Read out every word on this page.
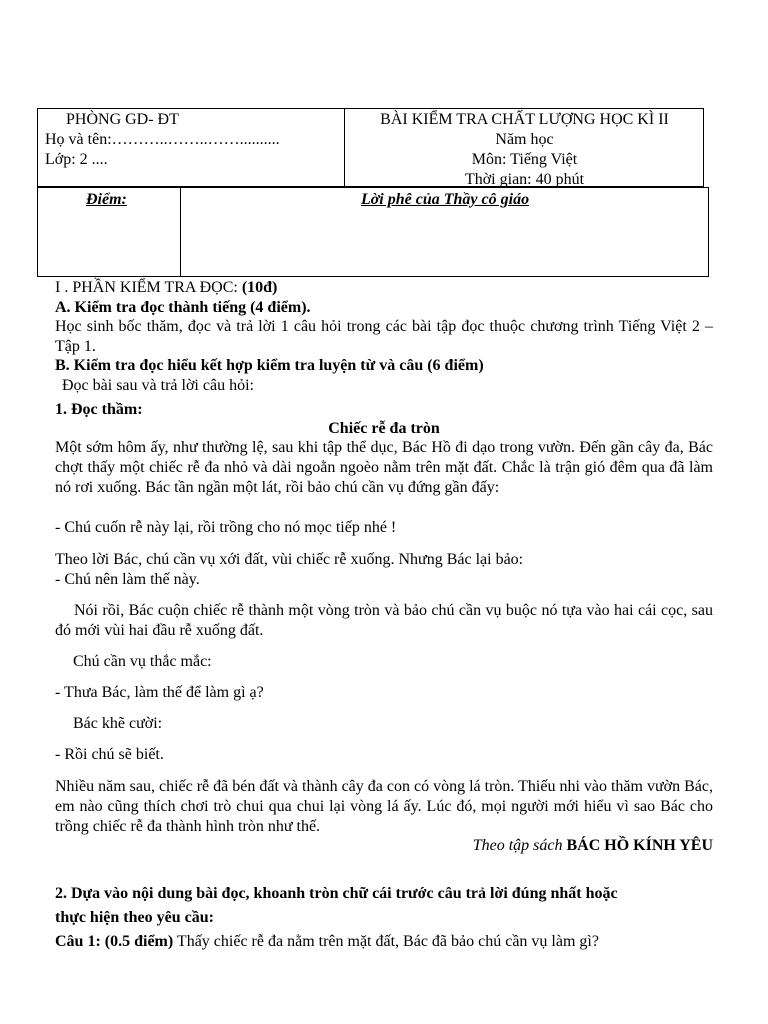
PHÒNG GD- ĐT
Họ và tên:………..……..……..........
Lớp: 2 ....
BÀI KIỂM TRA CHẤT LƯỢNG HỌC KÌ II
Năm học
Môn: Tiếng Việt
Thời gian: 40 phút
Điểm:	Lời phê của Thầy cô giáo
I . PHẦN KIỂM TRA ĐỌC: (10đ)
A. Kiểm tra đọc thành tiếng (4 điểm).
Học sinh bốc thăm, đọc và trả lời 1 câu hỏi trong các bài tập đọc thuộc chương trình Tiếng Việt 2 – Tập 1.
B. Kiểm tra đọc hiểu kết hợp kiểm tra luyện từ và câu (6 điểm)
Đọc bài sau và trả lời câu hỏi:
1. Đọc thầm:
Chiếc rễ đa tròn
Một sớm hôm ấy, như thường lệ, sau khi tập thể dục, Bác Hồ đi dạo trong vườn. Đến gần cây đa, Bác chợt thấy một chiếc rễ đa nhỏ và dài ngoằn ngoèo nằm trên mặt đất. Chắc là trận gió đêm qua đã làm nó rơi xuống. Bác tần ngần một lát, rồi bảo chú cần vụ đứng gần đấy:
- Chú cuốn rễ này lại, rồi trồng cho nó mọc tiếp nhé !
Theo lời Bác, chú cần vụ xới đất, vùi chiếc rễ xuống. Nhưng Bác lại bảo:
- Chú nên làm thế này.
Nói rồi, Bác cuộn chiếc rễ thành một vòng tròn và bảo chú cần vụ buộc nó tựa vào hai cái cọc, sau đó mới vùi hai đầu rễ xuống đất.
Chú cần vụ thắc mắc:
- Thưa Bác, làm thế để làm gì ạ?
Bác khẽ cười:
- Rồi chú sẽ biết.
Nhiều năm sau, chiếc rễ đã bén đất và thành cây đa con có vòng lá tròn. Thiếu nhi vào thăm vườn Bác, em nào cũng thích chơi trò chui qua chui lại vòng lá ấy. Lúc đó, mọi người mới hiểu vì sao Bác cho trồng chiếc rễ đa thành hình tròn như thế.
Theo tập sách BÁC HỒ KÍNH YÊU
2. Dựa vào nội dung bài đọc, khoanh tròn chữ cái trước câu trả lời đúng nhất hoặc
thực hiện theo yêu cầu:
Câu 1: (0.5 điểm) Thấy chiếc rễ đa nằm trên mặt đất, Bác đã bảo chú cần vụ làm gì?
